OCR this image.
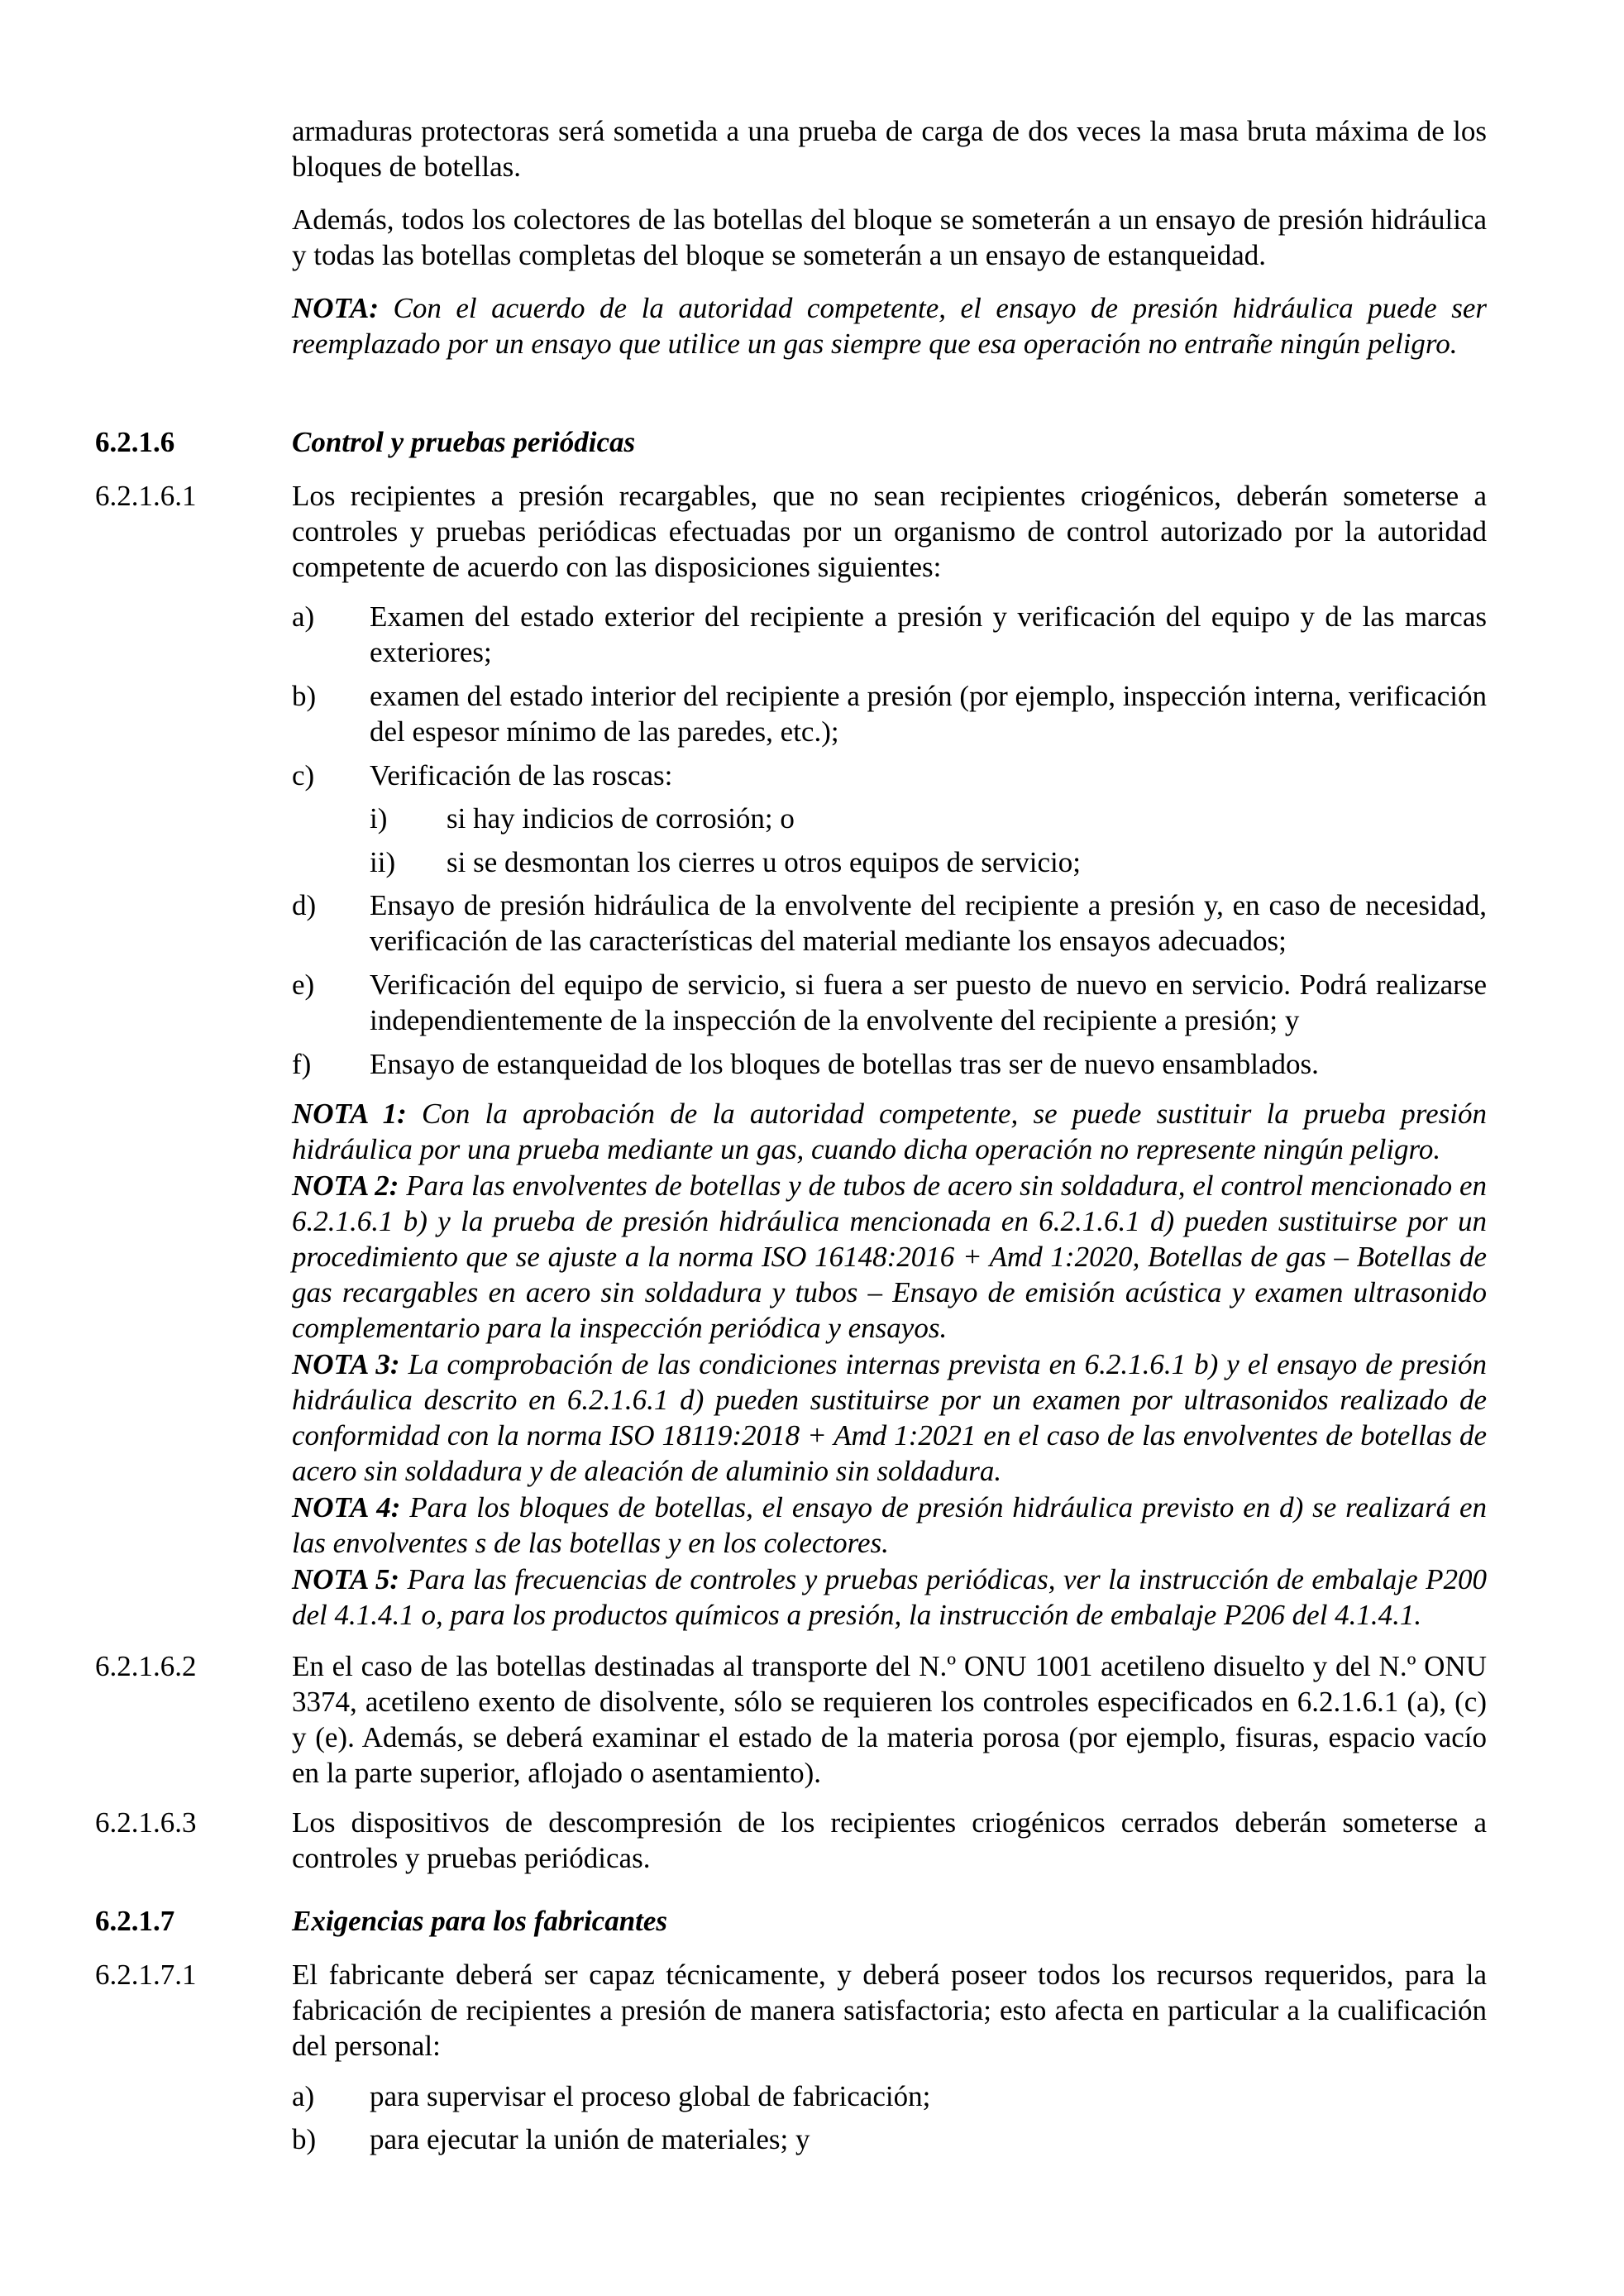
armaduras protectoras será sometida a una prueba de carga de dos veces la masa bruta máxima de los bloques de botellas.

Además, todos los colectores de las botellas del bloque se someterán a un ensayo de presión hidráulica y todas las botellas completas del bloque se someterán a un ensayo de estanqueidad.

NOTA: Con el acuerdo de la autoridad competente, el ensayo de presión hidráulica puede ser reemplazado por un ensayo que utilice un gas siempre que esa operación no entrañe ningún peligro.

6.2.1.6	Control y pruebas periódicas

6.2.1.6.1	Los recipientes a presión recargables, que no sean recipientes criogénicos, deberán someterse a controles y pruebas periódicas efectuadas por un organismo de control autorizado por la autoridad competente de acuerdo con las disposiciones siguientes:

a) Examen del estado exterior del recipiente a presión y verificación del equipo y de las marcas exteriores;

b) examen del estado interior del recipiente a presión (por ejemplo, inspección interna, verificación del espesor mínimo de las paredes, etc.);

c) Verificación de las roscas:

i) si hay indicios de corrosión; o

ii) si se desmontan los cierres u otros equipos de servicio;

d) Ensayo de presión hidráulica de la envolvente del recipiente a presión y, en caso de necesidad, verificación de las características del material mediante los ensayos adecuados;

e) Verificación del equipo de servicio, si fuera a ser puesto de nuevo en servicio. Podrá realizarse independientemente de la inspección de la envolvente del recipiente a presión; y

f) Ensayo de estanqueidad de los bloques de botellas tras ser de nuevo ensamblados.

NOTA 1: Con la aprobación de la autoridad competente, se puede sustituir la prueba presión hidráulica por una prueba mediante un gas, cuando dicha operación no represente ningún peligro.

NOTA 2: Para las envolventes de botellas y de tubos de acero sin soldadura, el control mencionado en 6.2.1.6.1 b) y la prueba de presión hidráulica mencionada en 6.2.1.6.1 d) pueden sustituirse por un procedimiento que se ajuste a la norma ISO 16148:2016 + Amd 1:2020, Botellas de gas – Botellas de gas recargables en acero sin soldadura y tubos – Ensayo de emisión acústica y examen ultrasonido complementario para la inspección periódica y ensayos.

NOTA 3: La comprobación de las condiciones internas prevista en 6.2.1.6.1 b) y el ensayo de presión hidráulica descrito en 6.2.1.6.1 d) pueden sustituirse por un examen por ultrasonidos realizado de conformidad con la norma ISO 18119:2018 + Amd 1:2021 en el caso de las envolventes de botellas de acero sin soldadura y de aleación de aluminio sin soldadura.

NOTA 4: Para los bloques de botellas, el ensayo de presión hidráulica previsto en d) se realizará en las envolventes s de las botellas y en los colectores.

NOTA 5: Para las frecuencias de controles y pruebas periódicas, ver la instrucción de embalaje P200 del 4.1.4.1 o, para los productos químicos a presión, la instrucción de embalaje P206 del 4.1.4.1.

6.2.1.6.2	En el caso de las botellas destinadas al transporte del N.º ONU 1001 acetileno disuelto y del N.º ONU 3374, acetileno exento de disolvente, sólo se requieren los controles especificados en 6.2.1.6.1 (a), (c) y (e). Además, se deberá examinar el estado de la materia porosa (por ejemplo, fisuras, espacio vacío en la parte superior, aflojado o asentamiento).

6.2.1.6.3	Los dispositivos de descompresión de los recipientes criogénicos cerrados deberán someterse a controles y pruebas periódicas.

6.2.1.7	Exigencias para los fabricantes

6.2.1.7.1	El fabricante deberá ser capaz técnicamente, y deberá poseer todos los recursos requeridos, para la fabricación de recipientes a presión de manera satisfactoria; esto afecta en particular a la cualificación del personal:

a) para supervisar el proceso global de fabricación;

b) para ejecutar la unión de materiales; y
